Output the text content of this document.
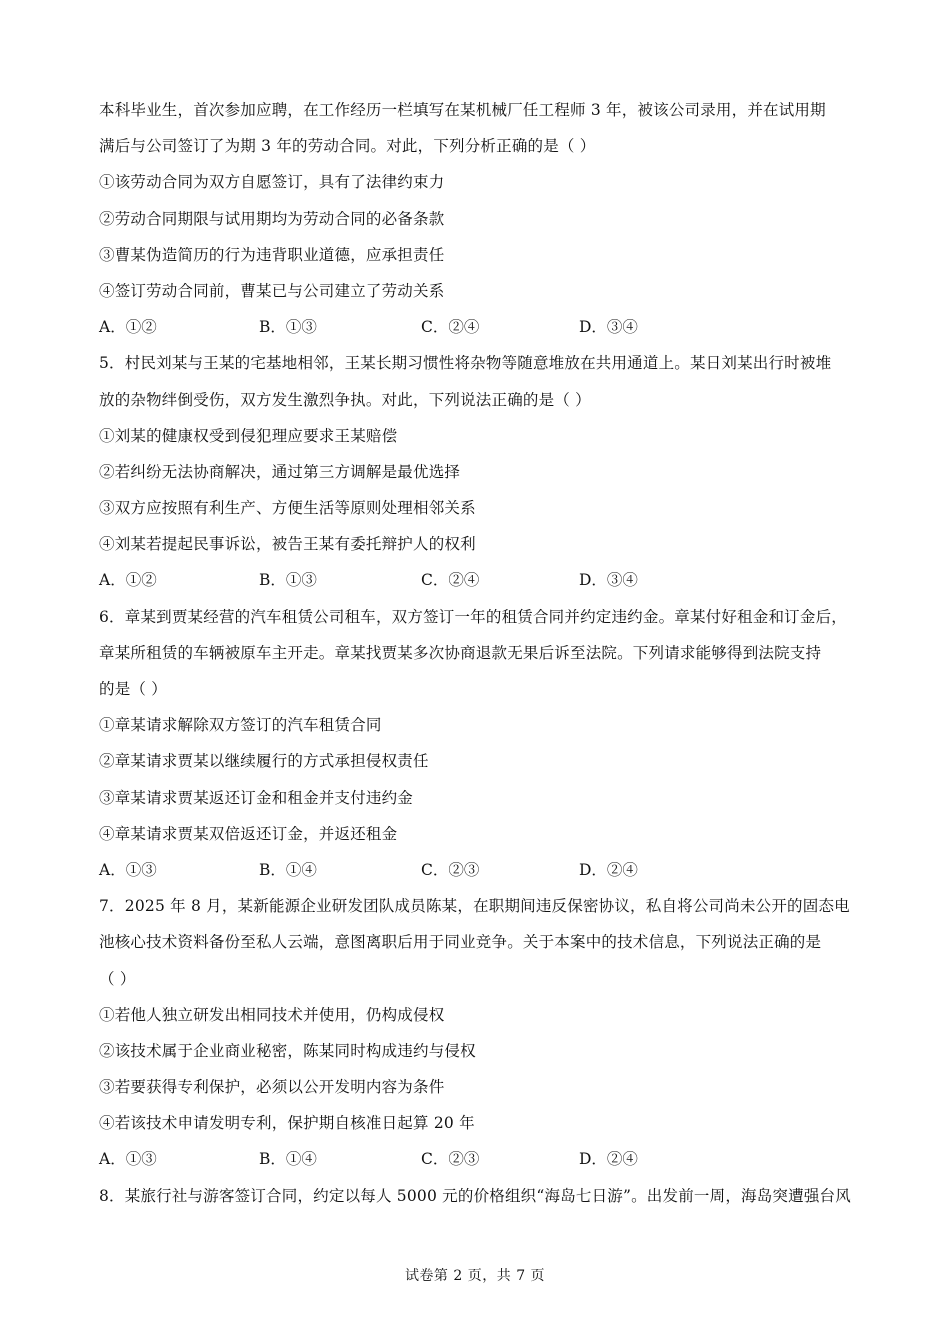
本科毕业生，首次参加应聘，在工作经历一栏填写在某机械厂任工程师 3 年，被该公司录用，并在试用期
满后与公司签订了为期 3 年的劳动合同。对此，下列分析正确的是（ ）
①该劳动合同为双方自愿签订，具有了法律约束力
②劳动合同期限与试用期均为劳动合同的必备条款
③曹某伪造简历的行为违背职业道德，应承担责任
④签订劳动合同前，曹某已与公司建立了劳动关系
A．①②	B．①③	C．②④	D．③④
5．村民刘某与王某的宅基地相邻，王某长期习惯性将杂物等随意堆放在共用通道上。某日刘某出行时被堆
放的杂物绊倒受伤，双方发生激烈争执。对此，下列说法正确的是（ ）
①刘某的健康权受到侵犯理应要求王某赔偿
②若纠纷无法协商解决，通过第三方调解是最优选择
③双方应按照有利生产、方便生活等原则处理相邻关系
④刘某若提起民事诉讼，被告王某有委托辩护人的权利
A．①②	B．①③	C．②④	D．③④
6．章某到贾某经营的汽车租赁公司租车，双方签订一年的租赁合同并约定违约金。章某付好租金和订金后，
章某所租赁的车辆被原车主开走。章某找贾某多次协商退款无果后诉至法院。下列请求能够得到法院支持
的是（ ）
①章某请求解除双方签订的汽车租赁合同
②章某请求贾某以继续履行的方式承担侵权责任
③章某请求贾某返还订金和租金并支付违约金
④章某请求贾某双倍返还订金，并返还租金
A．①③	B．①④	C．②③	D．②④
7．2025 年 8 月，某新能源企业研发团队成员陈某，在职期间违反保密协议，私自将公司尚未公开的固态电
池核心技术资料备份至私人云端，意图离职后用于同业竞争。关于本案中的技术信息，下列说法正确的是
（ ）
①若他人独立研发出相同技术并使用，仍构成侵权
②该技术属于企业商业秘密，陈某同时构成违约与侵权
③若要获得专利保护，必须以公开发明内容为条件
④若该技术申请发明专利，保护期自核准日起算 20 年
A．①③	B．①④	C．②③	D．②④
8．某旅行社与游客签订合同，约定以每人 5000 元的价格组织“海岛七日游”。出发前一周，海岛突遭强台风
试卷第 2 页，共 7 页
